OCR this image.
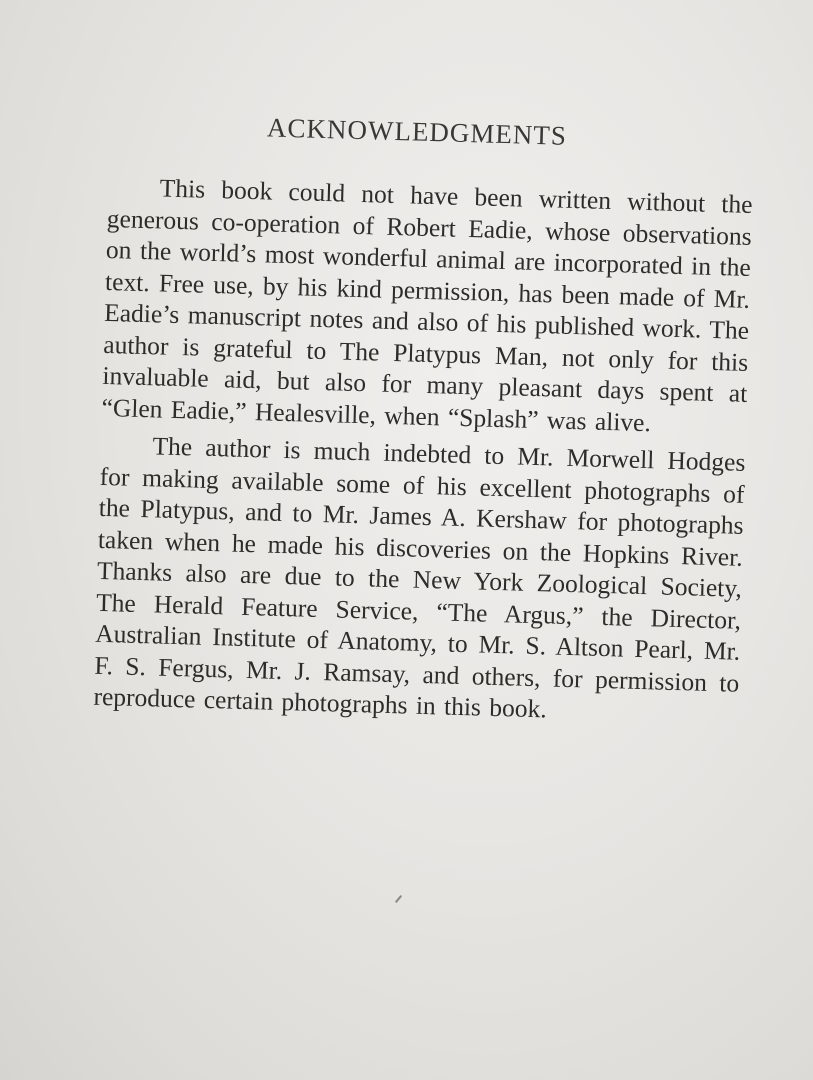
ACKNOWLEDGMENTS

This book could not have been written without the generous co-operation of Robert Eadie, whose observations on the world’s most wonderful animal are incorporated in the text. Free use, by his kind permission, has been made of Mr. Eadie’s manuscript notes and also of his published work. The author is grateful to The Platypus Man, not only for this invaluable aid, but also for many pleasant days spent at “Glen Eadie,” Healesville, when “Splash” was alive.

The author is much indebted to Mr. Morwell Hodges for making available some of his excellent photographs of the Platypus, and to Mr. James A. Kershaw for photographs taken when he made his discoveries on the Hopkins River. Thanks also are due to the New York Zoological Society, The Herald Feature Service, “The Argus,” the Director, Australian Institute of Anatomy, to Mr. S. Altson Pearl, Mr. F. S. Fergus, Mr. J. Ramsay, and others, for permission to reproduce certain photographs in this book.
